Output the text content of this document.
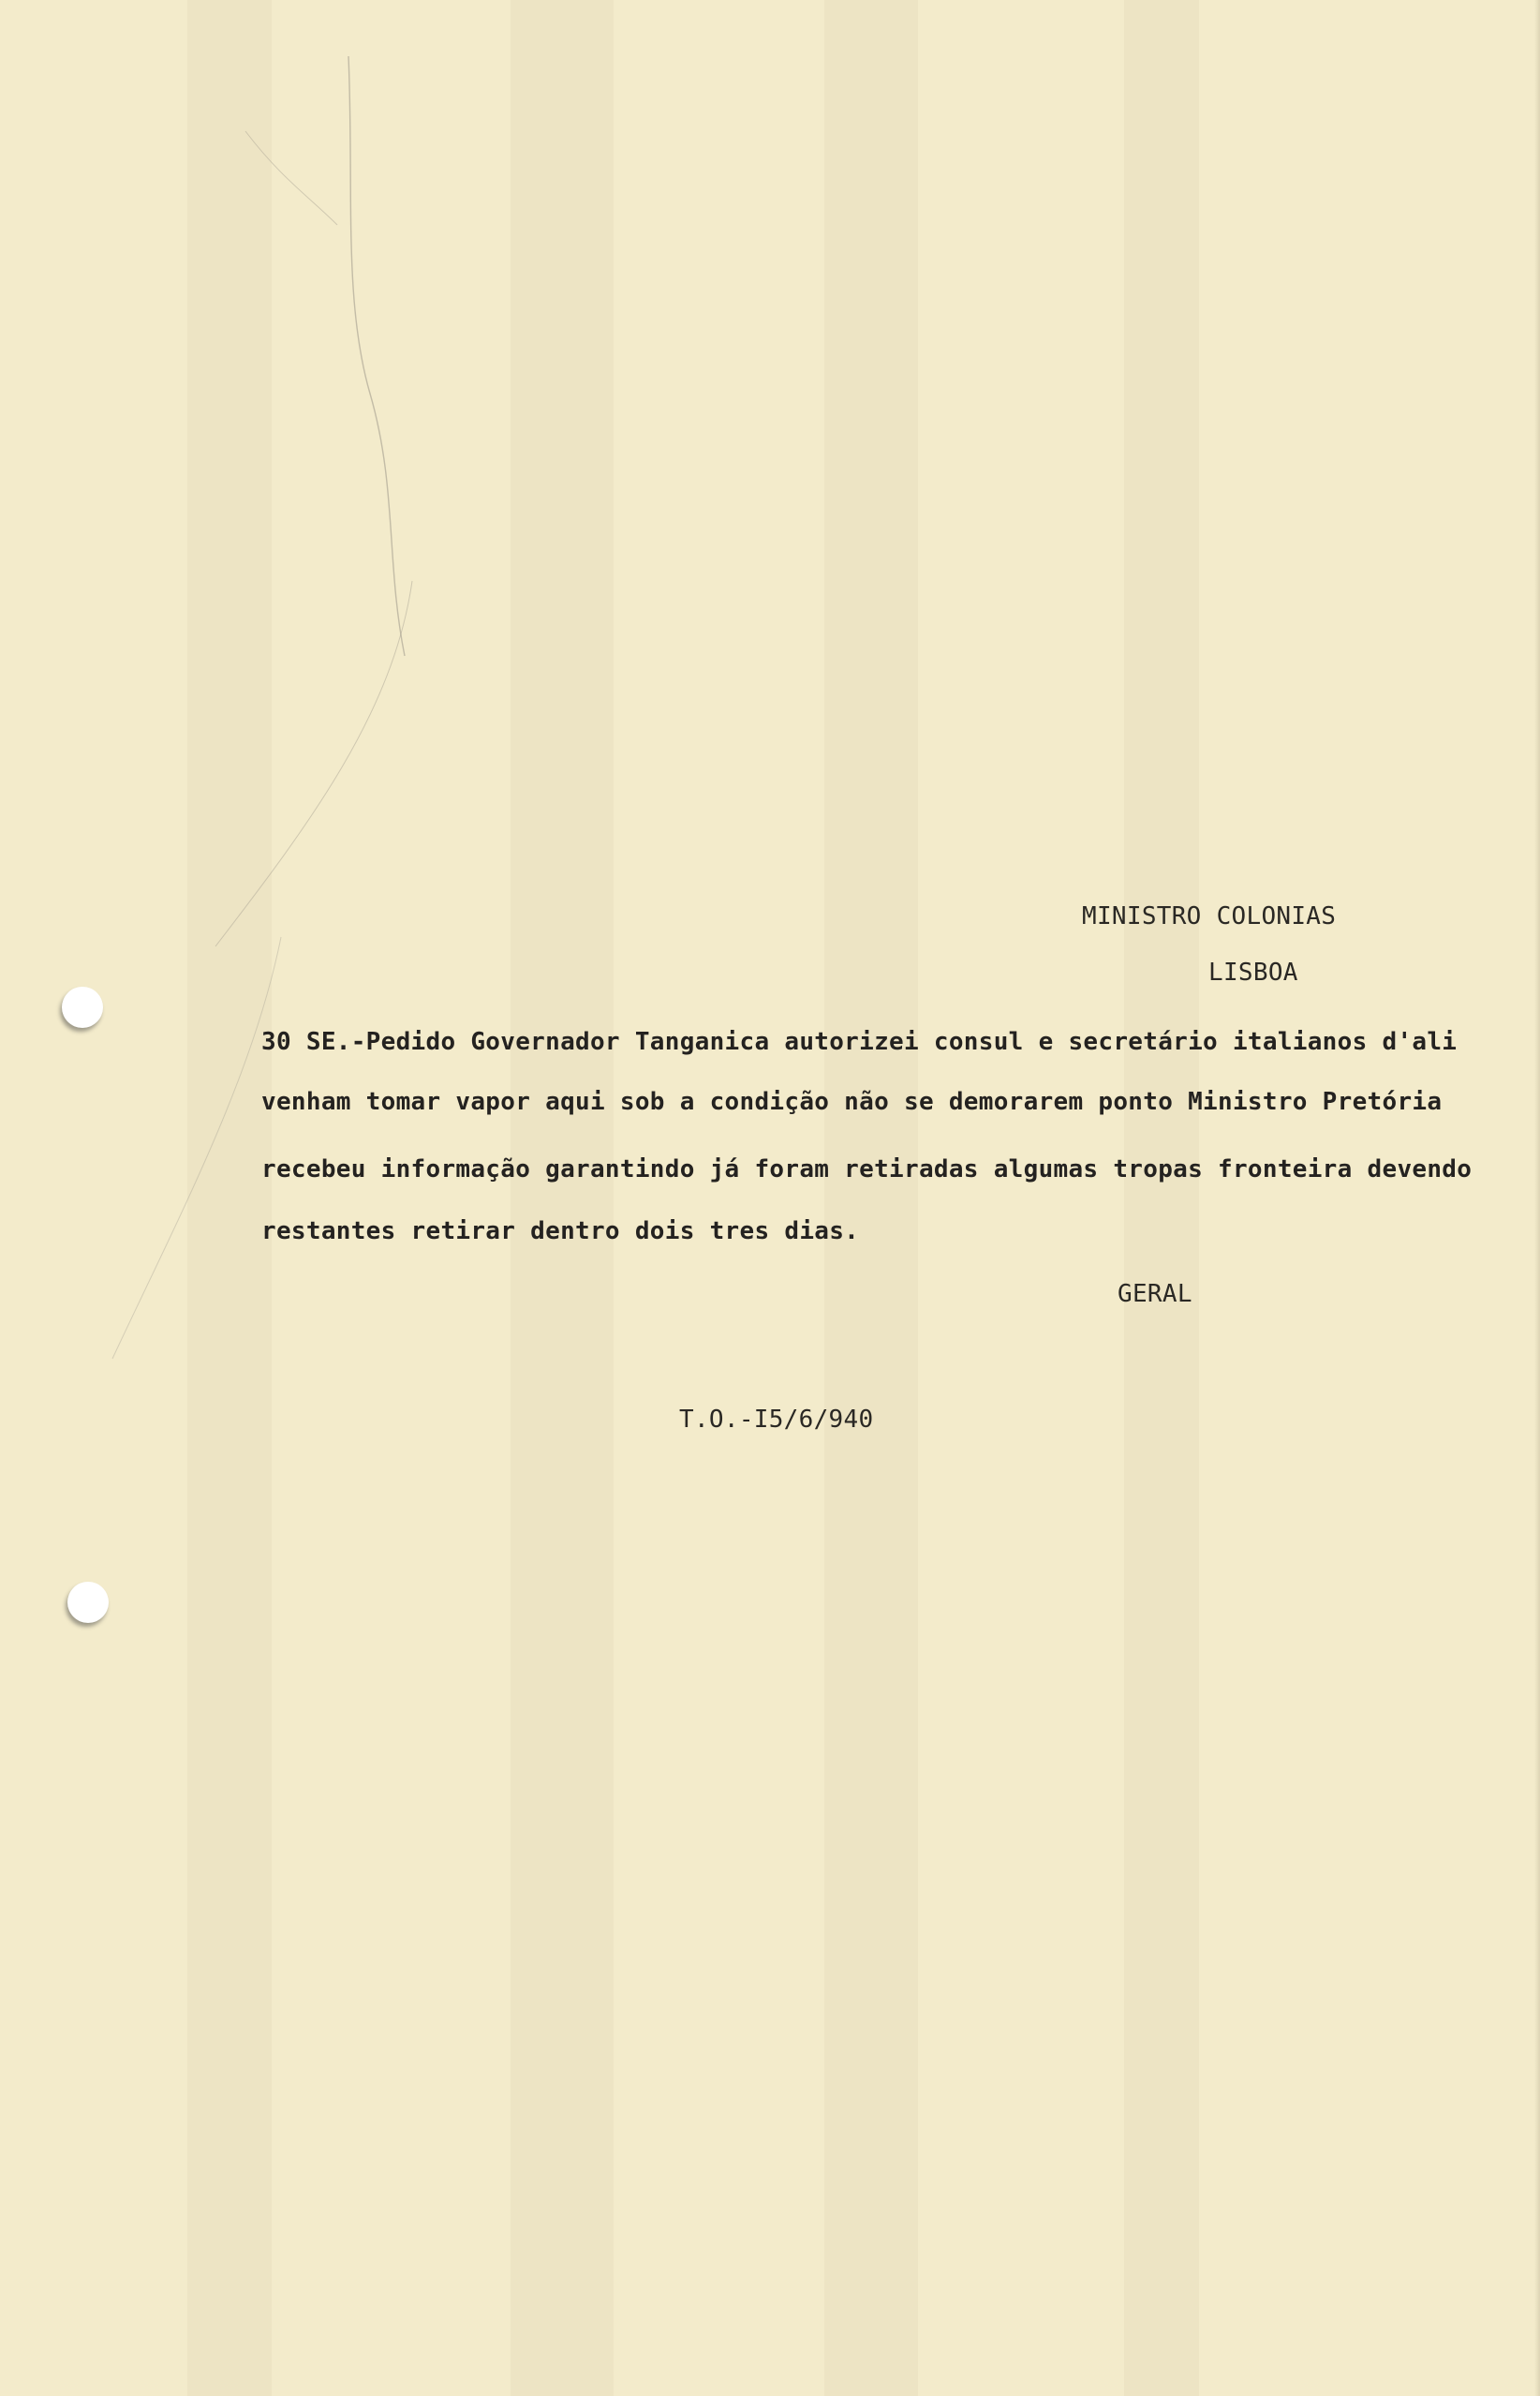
MINISTRO COLONIAS
LISBOA
30 SE.-Pedido Governador Tanganica autorizei consul e secretário italianos d'ali
venham tomar vapor aqui sob a condição não se demorarem ponto Ministro Pretória
recebeu informação garantindo já foram retiradas algumas tropas fronteira devendo
restantes retirar dentro dois tres dias.
GERAL
T.O.-I5/6/940
